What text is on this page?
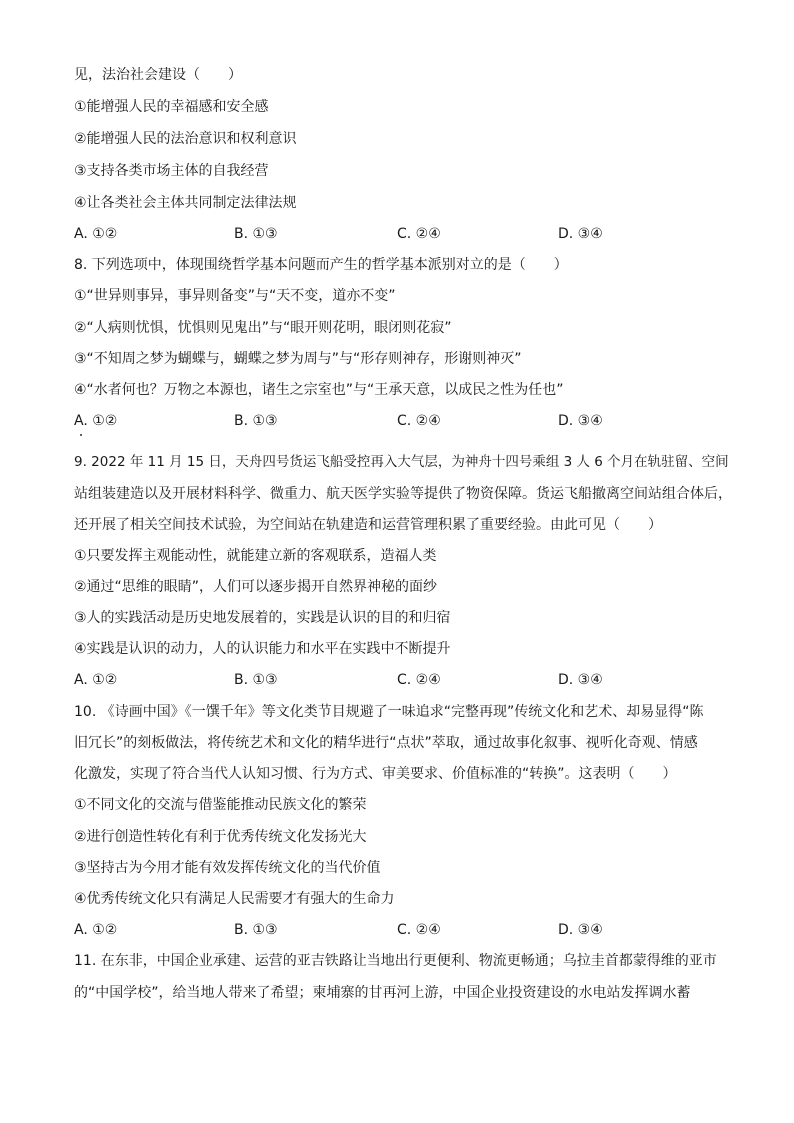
见，法治社会建设（　　）
①能增强人民的幸福感和安全感
②能增强人民的法治意识和权利意识
③支持各类市场主体的自我经营
④让各类社会主体共同制定法律法规
A. ①②	B. ①③	C. ②④	D. ③④
8. 下列选项中，体现围绕哲学基本问题而产生的哲学基本派别对立的是（　　）
①“世异则事异，事异则备变”与“天不变，道亦不变”
②“人病则忧惧，忧惧则见鬼出”与“眼开则花明，眼闭则花寂”
③“不知周之梦为蝴蝶与，蝴蝶之梦为周与”与“形存则神存，形谢则神灭”
④“水者何也？万物之本源也，诸生之宗室也”与“王承天意，以成民之性为任也”
A. ①②	B. ①③	C. ②④	D. ③④
9. 2022 年 11 月 15 日，天舟四号货运飞船受控再入大气层，为神舟十四号乘组 3 人 6 个月在轨驻留、空间
站组装建造以及开展材料科学、微重力、航天医学实验等提供了物资保障。货运飞船撤离空间站组合体后，
还开展了相关空间技术试验，为空间站在轨建造和运营管理积累了重要经验。由此可见（　　）
①只要发挥主观能动性，就能建立新的客观联系，造福人类
②通过“思维的眼睛”，人们可以逐步揭开自然界神秘的面纱
③人的实践活动是历史地发展着的，实践是认识的目的和归宿
④实践是认识的动力，人的认识能力和水平在实践中不断提升
A. ①②	B. ①③	C. ②④	D. ③④
10. 《诗画中国》《一馔千年》等文化类节目规避了一味追求“完整再现”传统文化和艺术、却易显得“陈
旧冗长”的刻板做法，将传统艺术和文化的精华进行“点状”萃取，通过故事化叙事、视听化奇观、情感
化激发，实现了符合当代人认知习惯、行为方式、审美要求、价值标准的“转换”。这表明（　　）
①不同文化的交流与借鉴能推动民族文化的繁荣
②进行创造性转化有利于优秀传统文化发扬光大
③坚持古为今用才能有效发挥传统文化的当代价值
④优秀传统文化只有满足人民需要才有强大的生命力
A. ①②	B. ①③	C. ②④	D. ③④
11. 在东非，中国企业承建、运营的亚吉铁路让当地出行更便利、物流更畅通；乌拉圭首都蒙得维的亚市
的“中国学校”，给当地人带来了希望；柬埔寨的甘再河上游，中国企业投资建设的水电站发挥调水蓄
